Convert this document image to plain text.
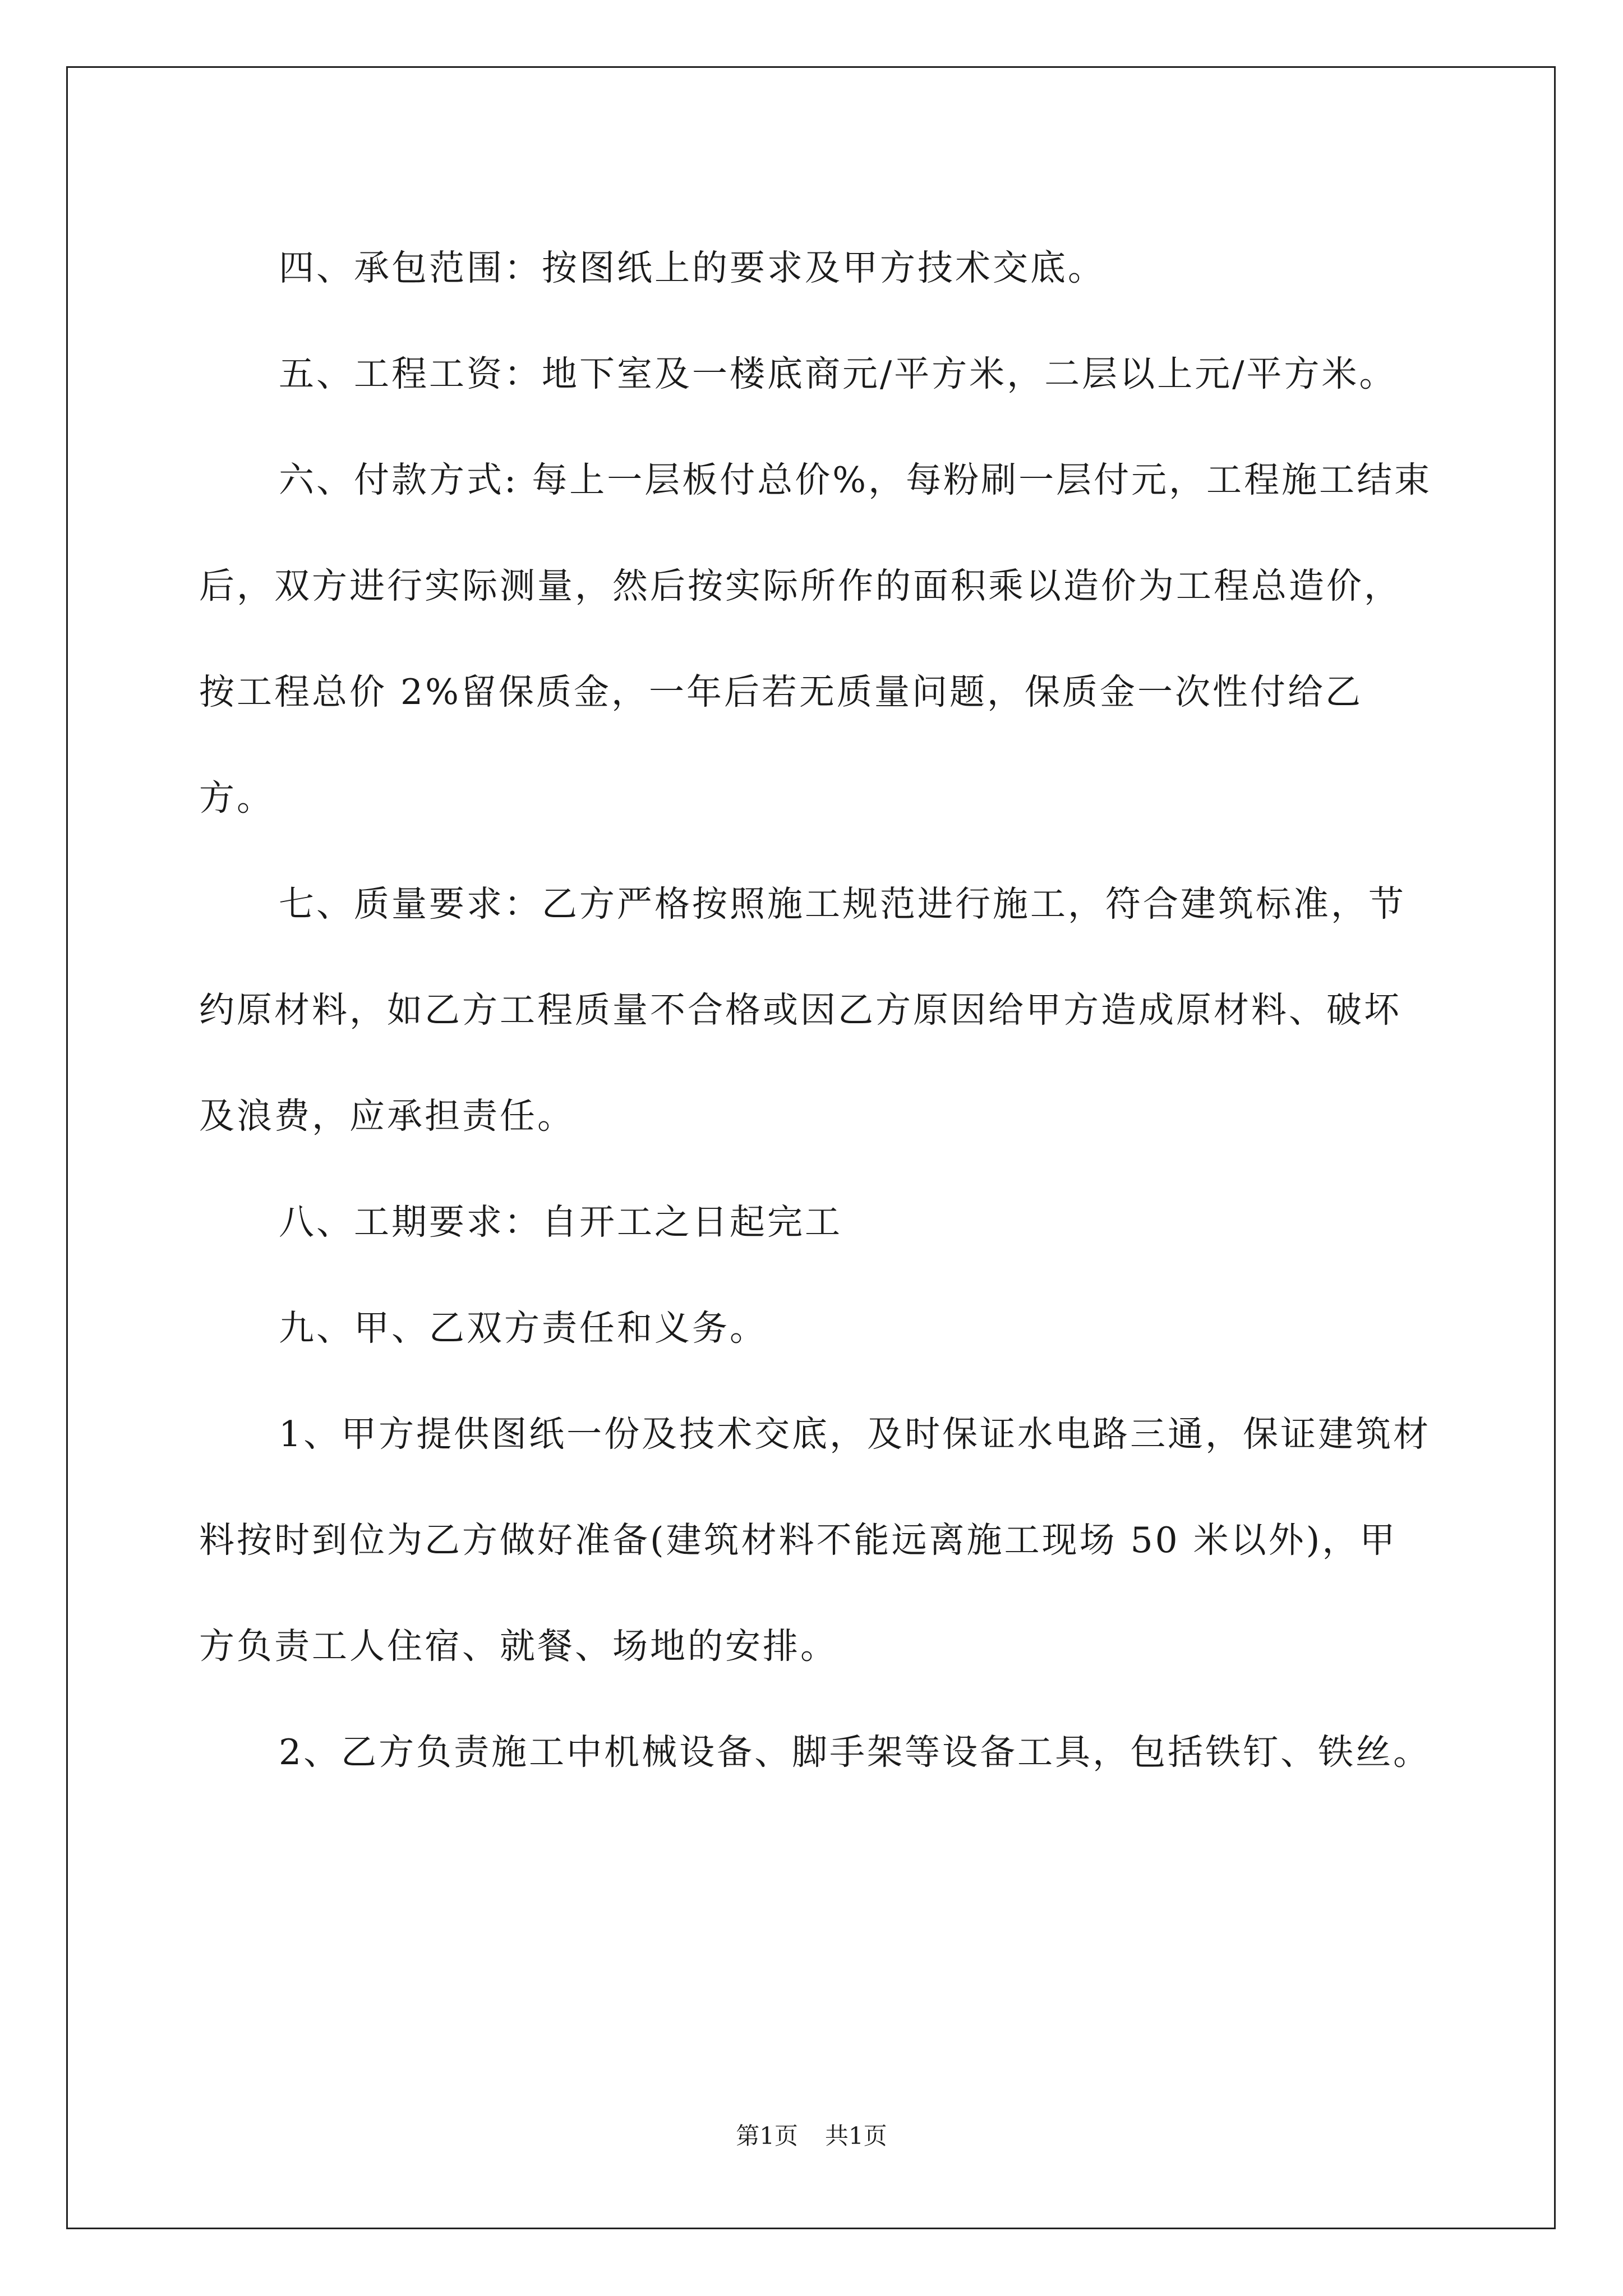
四、承包范围：按图纸上的要求及甲方技术交底。

五、工程工资：地下室及一楼底商元/平方米，二层以上元/平方米。

六、付款方式: 每上一层板付总价%，每粉刷一层付元，工程施工结束后，双方进行实际测量，然后按实际所作的面积乘以造价为工程总造价，按工程总价 2%留保质金，一年后若无质量问题，保质金一次性付给乙方。

七、质量要求：乙方严格按照施工规范进行施工，符合建筑标准，节约原材料，如乙方工程质量不合格或因乙方原因给甲方造成原材料、破坏及浪费，应承担责任。

八、工期要求：自开工之日起完工

九、甲、乙双方责任和义务。

1、甲方提供图纸一份及技术交底，及时保证水电路三通，保证建筑材料按时到位为乙方做好准备(建筑材料不能远离施工现场 50 米以外)，甲方负责工人住宿、就餐、场地的安排。

2、乙方负责施工中机械设备、脚手架等设备工具，包括铁钉、铁丝。

第1页 共1页
